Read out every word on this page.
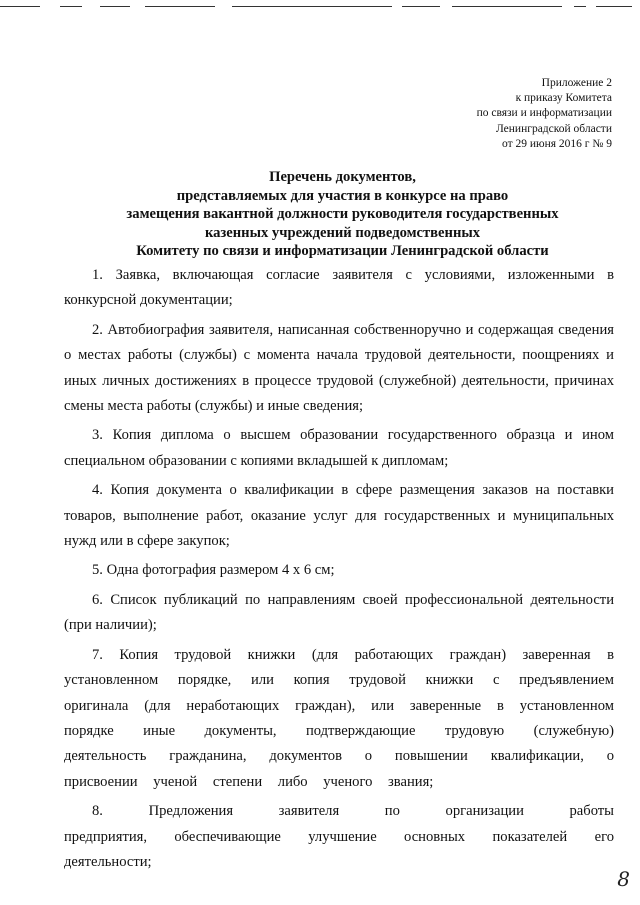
Приложение 2
к приказу Комитета
по связи и информатизации
Ленинградской области
от 29 июня 2016 г № 9
Перечень документов,
представляемых для участия в конкурсе на право
замещения вакантной должности руководителя государственных
казенных учреждений подведомственных
Комитету по связи и информатизации Ленинградской области

1. Заявка, включающая согласие заявителя с условиями, изложенными в конкурсной документации;

2. Автобиография заявителя, написанная собственноручно и содержащая сведения о местах работы (службы) с момента начала трудовой деятельности, поощрениях и иных личных достижениях в процессе трудовой (служебной) деятельности, причинах смены места работы (службы) и иные сведения;

3. Копия диплома о высшем образовании государственного образца и ином специальном образовании с копиями вкладышей к дипломам;

4. Копия документа о квалификации в сфере размещения заказов на поставки товаров, выполнение работ, оказание услуг для государственных и муниципальных нужд или в сфере закупок;

5. Одна фотография размером 4 х 6 см;

6. Список публикаций по направлениям своей профессиональной деятельности (при наличии);

7. Копия трудовой книжки (для работающих граждан) заверенная в установленном порядке, или копия трудовой книжки с предъявлением оригинала (для неработающих граждан), или заверенные в установленном порядке иные документы, подтверждающие трудовую (служебную) деятельность гражданина, документов о повышении квалификации, о присвоении ученой степени либо ученого звания;

8. Предложения заявителя по организации работы предприятия, обеспечивающие улучшение основных показателей его деятельности;

8
